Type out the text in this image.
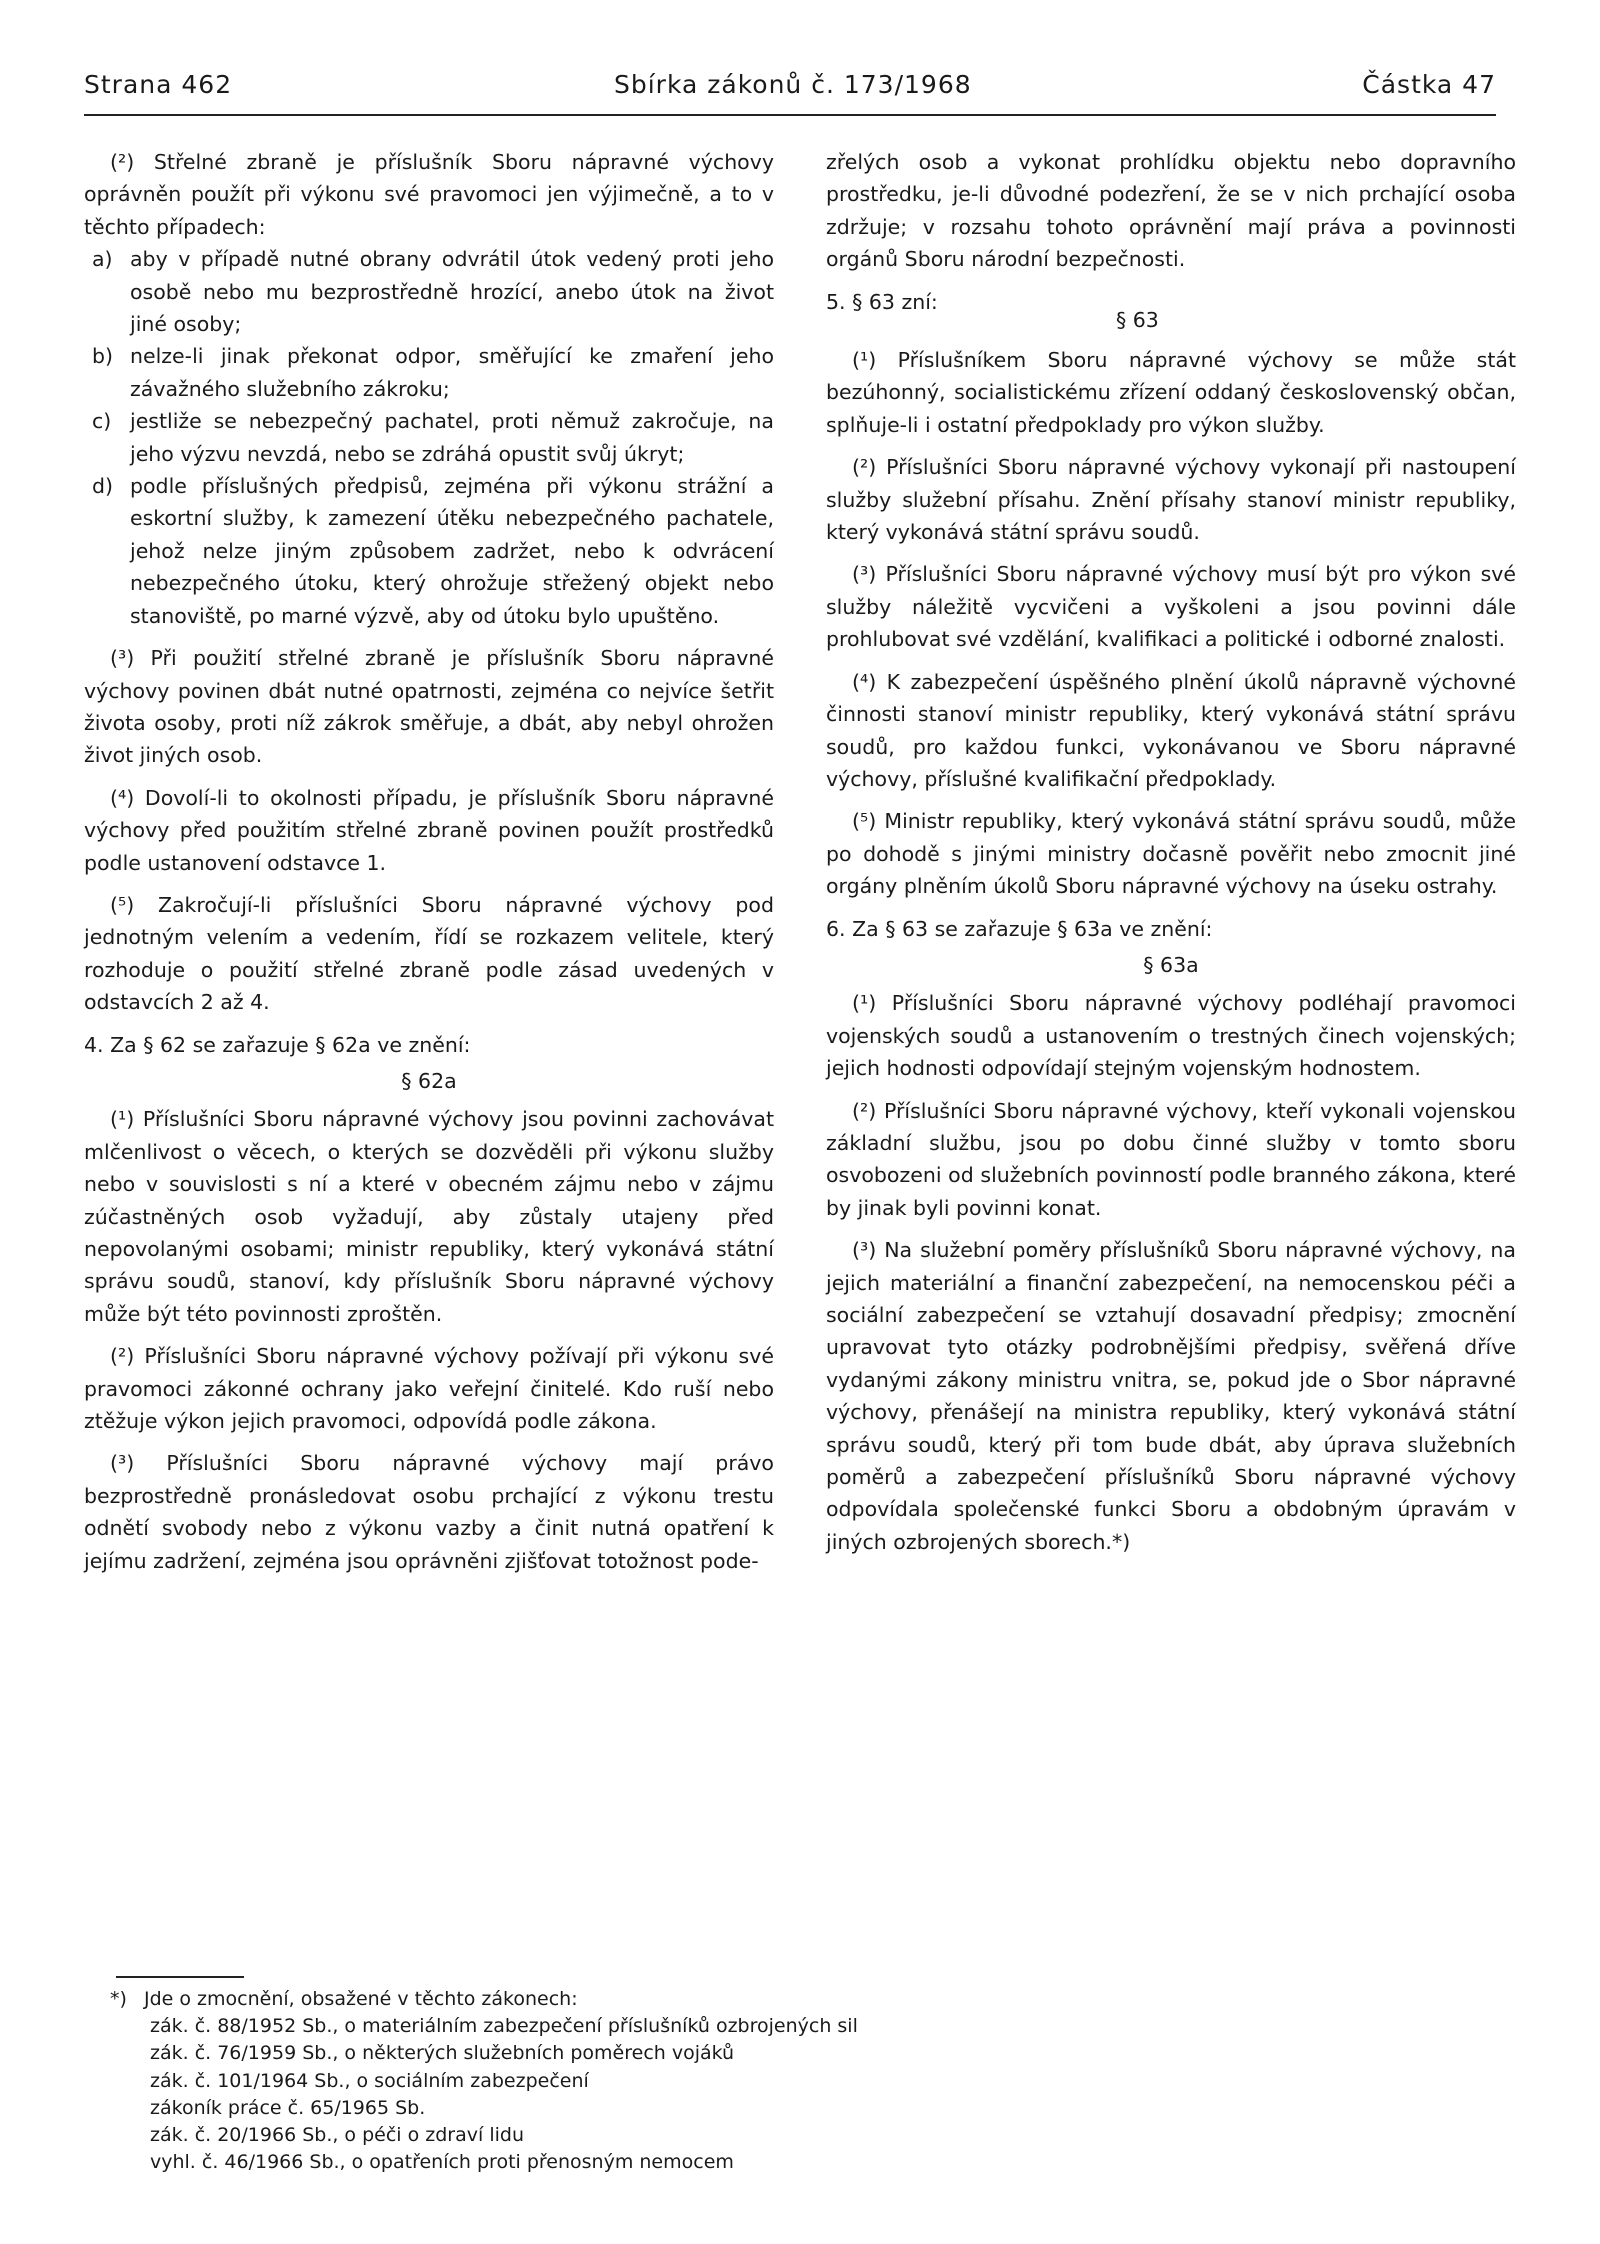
Strana 462	Sbírka zákonů č. 173/1968	Částka 47

(²) Střelné zbraně je příslušník Sboru nápravné výchovy oprávněn použít při výkonu své pravomoci jen výjimečně, a to v těchto případech:

a) aby v případě nutné obrany odvrátil útok vedený proti jeho osobě nebo mu bezprostředně hrozící, anebo útok na život jiné osoby;

b) nelze-li jinak překonat odpor, směřující ke zmaření jeho závažného služebního zákroku;

c) jestliže se nebezpečný pachatel, proti němuž zakročuje, na jeho výzvu nevzdá, nebo se zdráhá opustit svůj úkryt;

d) podle příslušných předpisů, zejména při výkonu strážní a eskortní služby, k zamezení útěku nebezpečného pachatele, jehož nelze jiným způsobem zadržet, nebo k odvrácení nebezpečného útoku, který ohrožuje střežený objekt nebo stanoviště, po marné výzvě, aby od útoku bylo upuštěno.

(³) Při použití střelné zbraně je příslušník Sboru nápravné výchovy povinen dbát nutné opatrnosti, zejména co nejvíce šetřit života osoby, proti níž zákrok směřuje, a dbát, aby nebyl ohrožen život jiných osob.

(⁴) Dovolí-li to okolnosti případu, je příslušník Sboru nápravné výchovy před použitím střelné zbraně povinen použít prostředků podle ustanovení odstavce 1.

(⁵) Zakročují-li příslušníci Sboru nápravné výchovy pod jednotným velením a vedením, řídí se rozkazem velitele, který rozhoduje o použití střelné zbraně podle zásad uvedených v odstavcích 2 až 4.

4. Za § 62 se zařazuje § 62a ve znění:

§ 62a

(¹) Příslušníci Sboru nápravné výchovy jsou povinni zachovávat mlčenlivost o věcech, o kterých se dozvěděli při výkonu služby nebo v souvislosti s ní a které v obecném zájmu nebo v zájmu zúčastněných osob vyžadují, aby zůstaly utajeny před nepovolanými osobami; ministr republiky, který vykonává státní správu soudů, stanoví, kdy příslušník Sboru nápravné výchovy může být této povinnosti zproštěn.

(²) Příslušníci Sboru nápravné výchovy požívají při výkonu své pravomoci zákonné ochrany jako veřejní činitelé. Kdo ruší nebo ztěžuje výkon jejich pravomoci, odpovídá podle zákona.

(³) Příslušníci Sboru nápravné výchovy mají právo bezprostředně pronásledovat osobu prchající z výkonu trestu odnětí svobody nebo z výkonu vazby a činit nutná opatření k jejímu zadržení, zejména jsou oprávněni zjišťovat totožnost pode-

zřelých osob a vykonat prohlídku objektu nebo dopravního prostředku, je-li důvodné podezření, že se v nich prchající osoba zdržuje; v rozsahu tohoto oprávnění mají práva a povinnosti orgánů Sboru národní bezpečnosti.

5. § 63 zní:
§ 63

(¹) Příslušníkem Sboru nápravné výchovy se může stát bezúhonný, socialistickému zřízení oddaný československý občan, splňuje-li i ostatní předpoklady pro výkon služby.

(²) Příslušníci Sboru nápravné výchovy vykonají při nastoupení služby služební přísahu. Znění přísahy stanoví ministr republiky, který vykonává státní správu soudů.

(³) Příslušníci Sboru nápravné výchovy musí být pro výkon své služby náležitě vycvičeni a vyškoleni a jsou povinni dále prohlubovat své vzdělání, kvalifikaci a politické i odborné znalosti.

(⁴) K zabezpečení úspěšného plnění úkolů nápravně výchovné činnosti stanoví ministr republiky, který vykonává státní správu soudů, pro každou funkci, vykonávanou ve Sboru nápravné výchovy, příslušné kvalifikační předpoklady.

(⁵) Ministr republiky, který vykonává státní správu soudů, může po dohodě s jinými ministry dočasně pověřit nebo zmocnit jiné orgány plněním úkolů Sboru nápravné výchovy na úseku ostrahy.

6. Za § 63 se zařazuje § 63a ve znění:

§ 63a

(¹) Příslušníci Sboru nápravné výchovy podléhají pravomoci vojenských soudů a ustanovením o trestných činech vojenských; jejich hodnosti odpovídají stejným vojenským hodnostem.

(²) Příslušníci Sboru nápravné výchovy, kteří vykonali vojenskou základní službu, jsou po dobu činné služby v tomto sboru osvobozeni od služebních povinností podle branného zákona, které by jinak byli povinni konat.

(³) Na služební poměry příslušníků Sboru nápravné výchovy, na jejich materiální a finanční zabezpečení, na nemocenskou péči a sociální zabezpečení se vztahují dosavadní předpisy; zmocnění upravovat tyto otázky podrobnějšími předpisy, svěřená dříve vydanými zákony ministru vnitra, se, pokud jde o Sbor nápravné výchovy, přenášejí na ministra republiky, který vykonává státní správu soudů, který při tom bude dbát, aby úprava služebních poměrů a zabezpečení příslušníků Sboru nápravné výchovy odpovídala společenské funkci Sboru a obdobným úpravám v jiných ozbrojených sborech.*)

*) Jde o zmocnění, obsažené v těchto zákonech:

zák. č. 88/1952 Sb., o materiálním zabezpečení příslušníků ozbrojených sil

zák. č. 76/1959 Sb., o některých služebních poměrech vojáků

zák. č. 101/1964 Sb., o sociálním zabezpečení

zákoník práce č. 65/1965 Sb.

zák. č. 20/1966 Sb., o péči o zdraví lidu

vyhl. č. 46/1966 Sb., o opatřeních proti přenosným nemocem
